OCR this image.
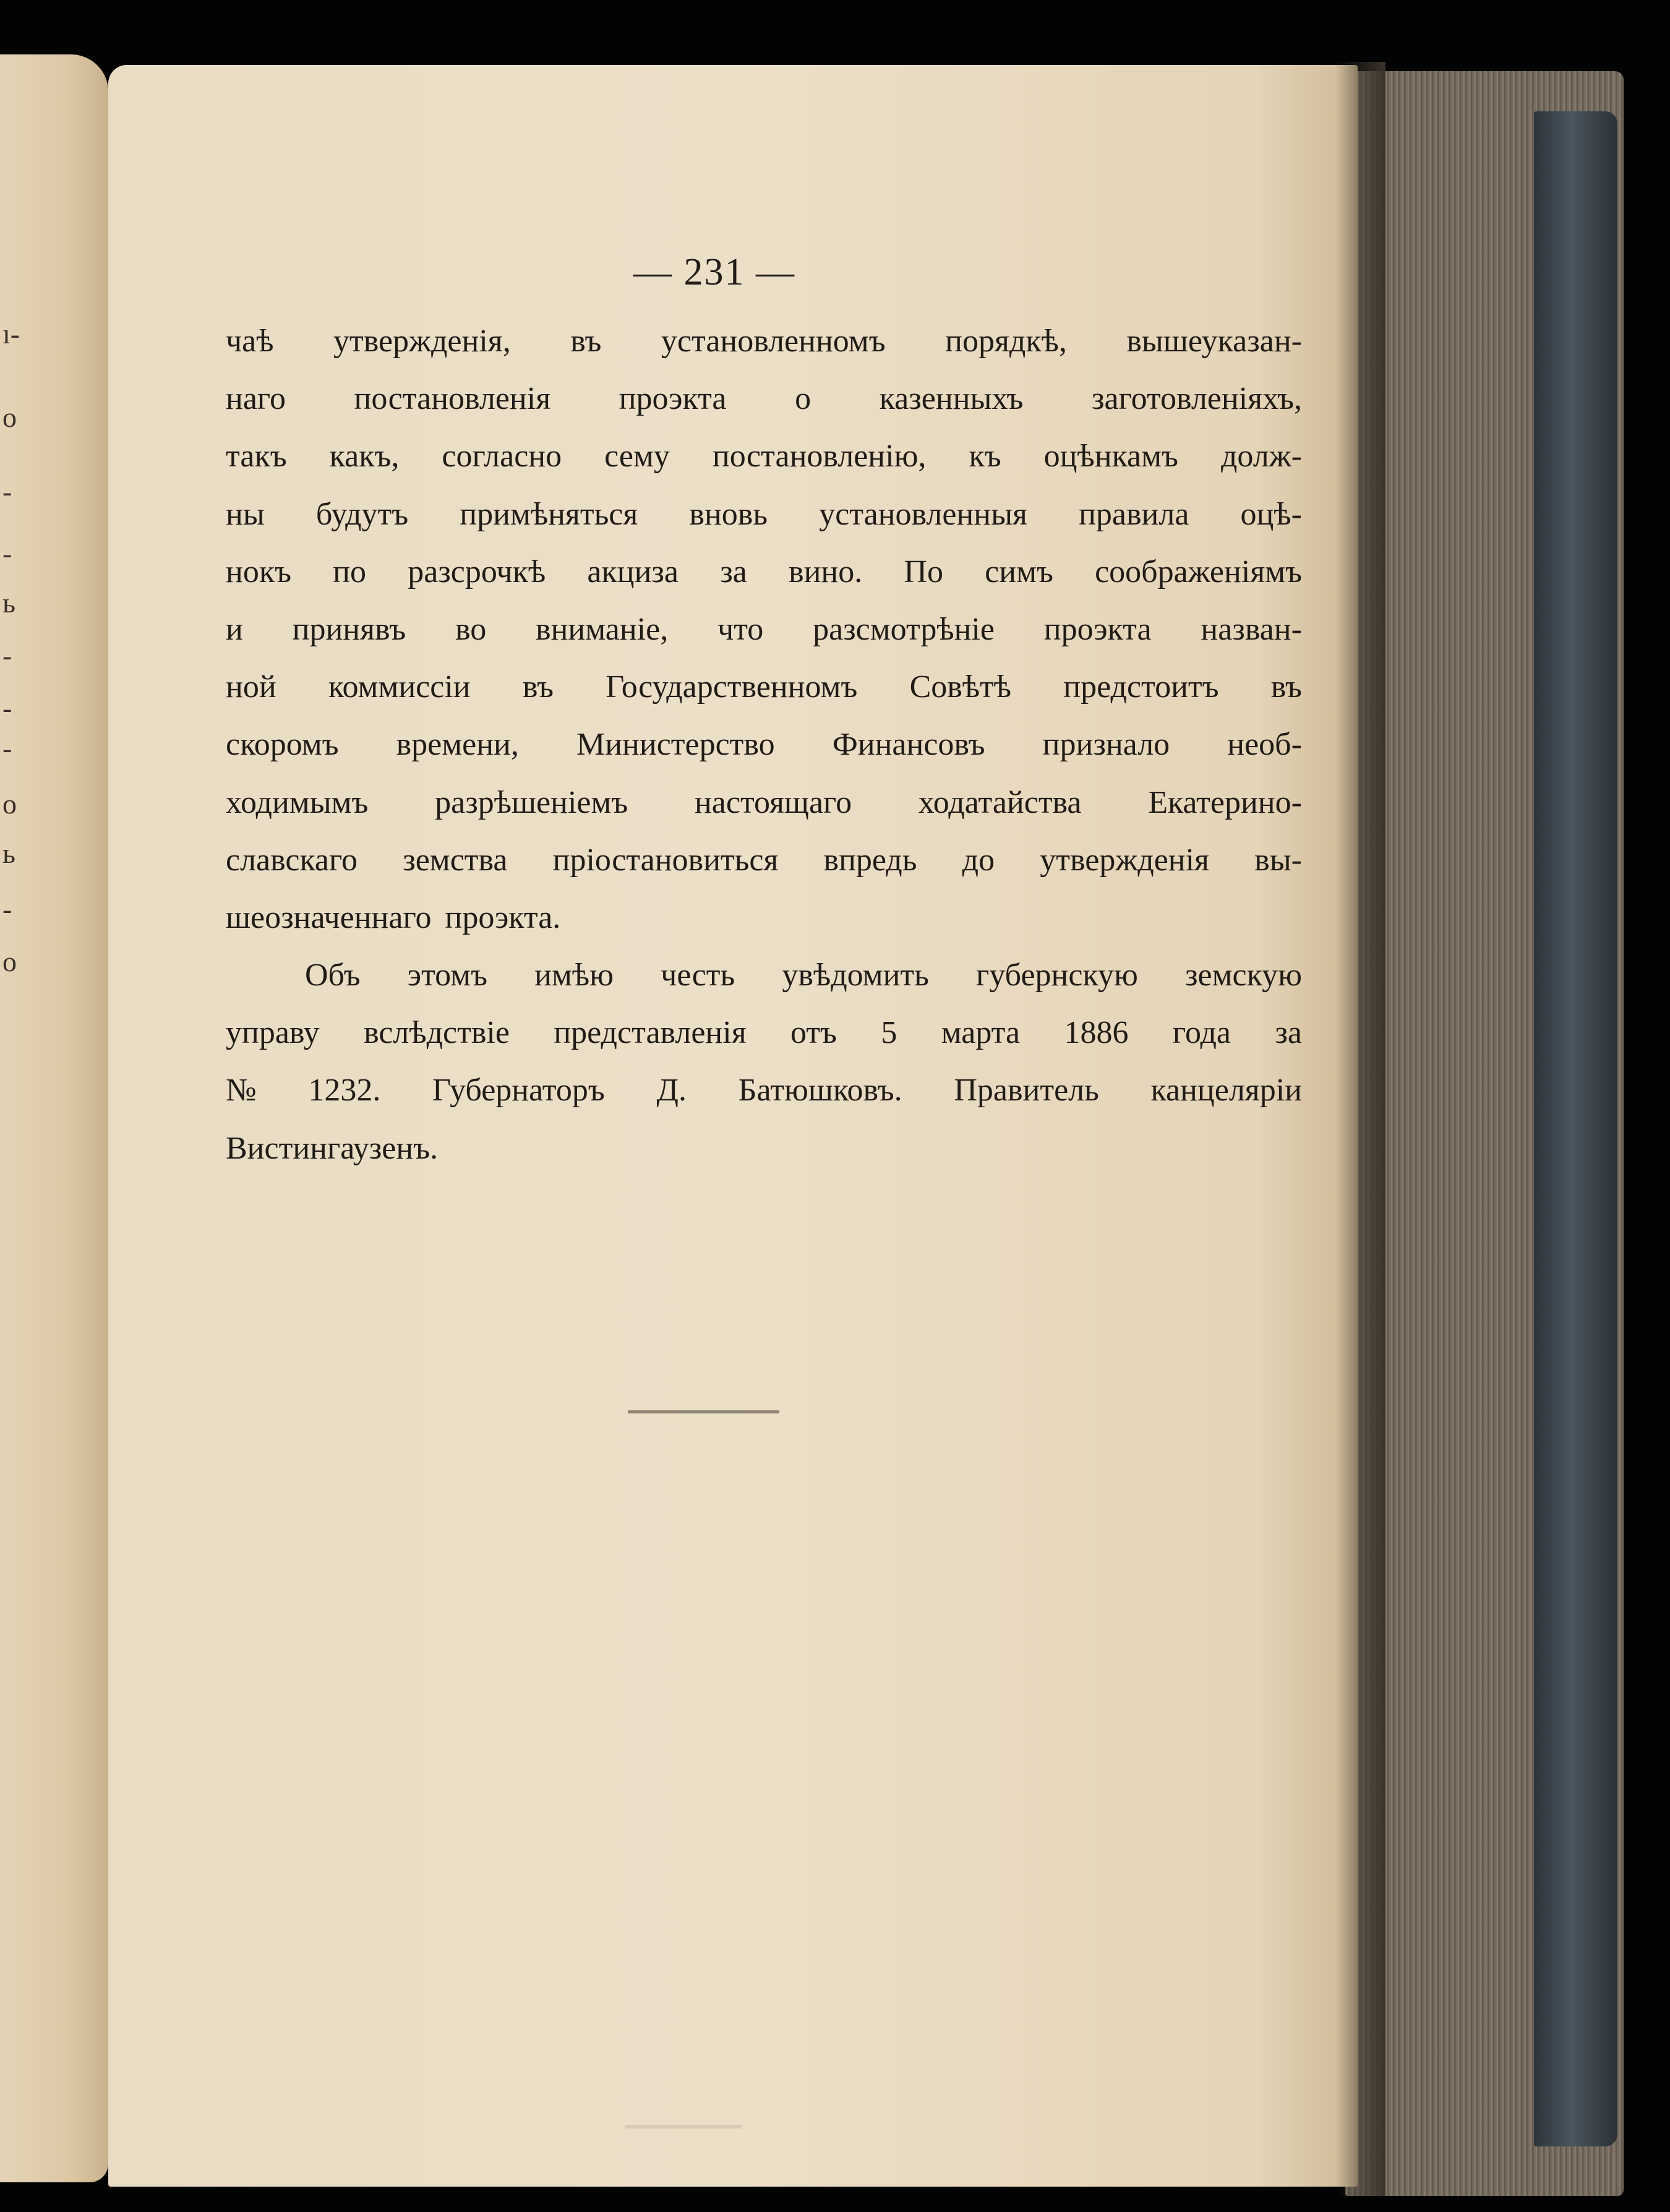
ı-
о
-
-
ь
-
-
-
о
ь
-
о
— 231 —
чаѣ утвержденія, въ установленномъ порядкѣ, вышеуказан-
наго постановленія проэкта о казенныхъ заготовленіяхъ,
такъ какъ, согласно сему постановленію, къ оцѣнкамъ долж-
ны будутъ примѣняться вновь установленныя правила оцѣ-
нокъ по разсрочкѣ акциза за вино. По симъ соображеніямъ
и принявъ во вниманіе, что разсмотрѣніе проэкта назван-
ной коммиссіи въ Государственномъ Совѣтѣ предстоитъ въ
скоромъ времени, Министерство Финансовъ признало необ-
ходимымъ разрѣшеніемъ настоящаго ходатайства Екатерино-
славскаго земства пріостановиться впредь до утвержденія вы-
шеозначеннаго проэкта.
Объ этомъ имѣю честь увѣдомить губернскую земскую
управу вслѣдствіе представленія отъ 5 марта 1886 года за
№ 1232. Губернаторъ Д. Батюшковъ. Правитель канцеляріи
Вистингаузенъ.
